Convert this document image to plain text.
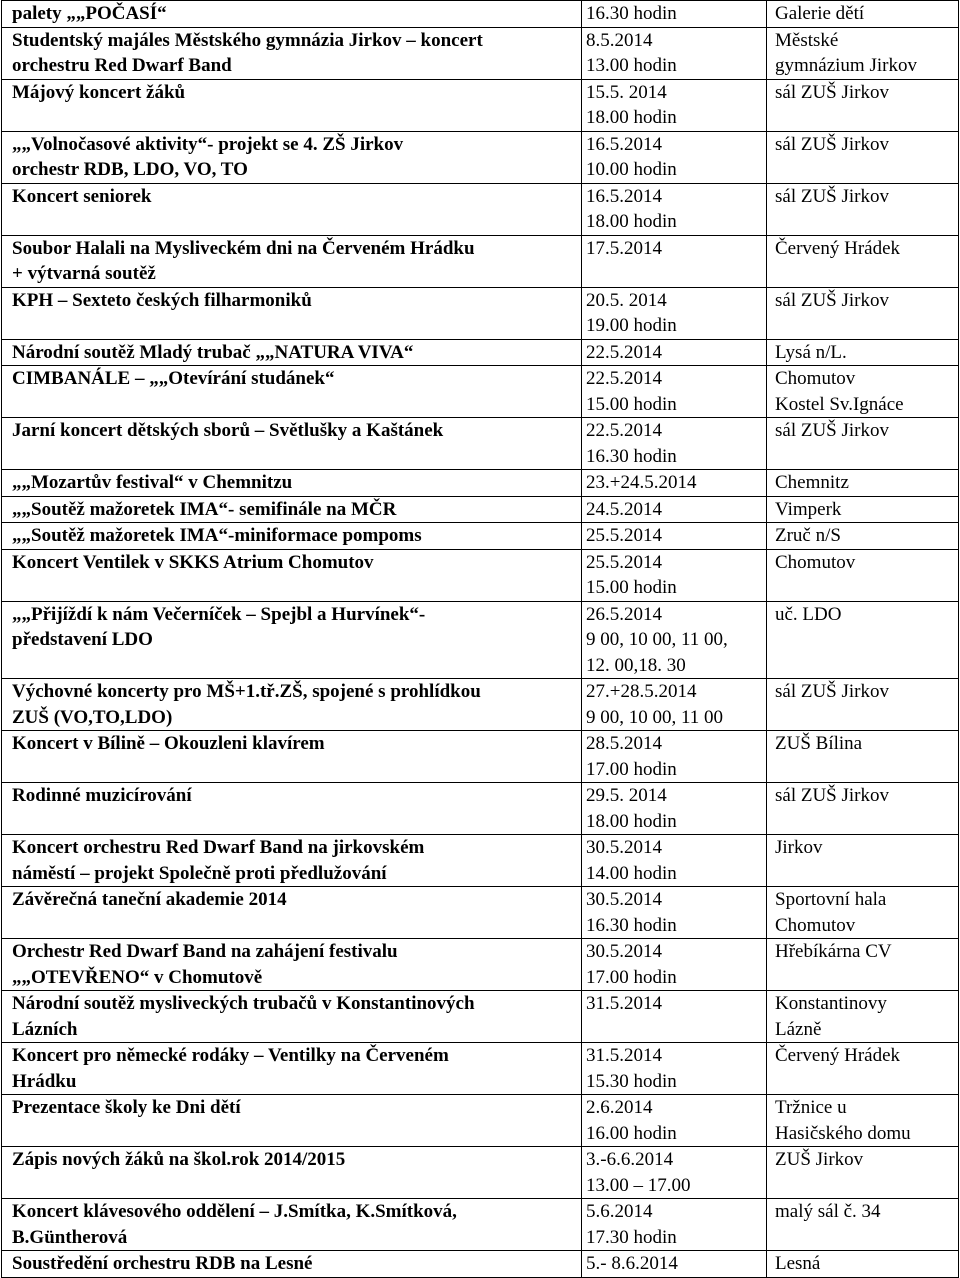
palety „„POČASÍ“	16.30 hodin	Galerie dětí

Studentský majáles Městského gymnázia Jirkov – koncert
orchestru Red Dwarf Band	8.5.2014
13.00 hodin	Městské
gymnázium Jirkov

Májový koncert žáků	15.5. 2014
18.00 hodin	sál ZUŠ Jirkov

„„Volnočasové aktivity“- projekt se 4. ZŠ Jirkov
orchestr RDB, LDO, VO, TO	16.5.2014
10.00 hodin	sál ZUŠ Jirkov

Koncert seniorek	16.5.2014
18.00 hodin	sál ZUŠ Jirkov

Soubor Halali na Mysliveckém dni na Červeném Hrádku
+ výtvarná soutěž	17.5.2014	Červený Hrádek

KPH – Sexteto českých filharmoniků	20.5. 2014
19.00 hodin	sál ZUŠ Jirkov

Národní soutěž Mladý trubač „„NATURA VIVA“	22.5.2014	Lysá n/L.

CIMBANÁLE – „„Otevírání studánek“	22.5.2014
15.00 hodin	Chomutov
Kostel Sv.Ignáce

Jarní koncert dětských sborů – Světlušky a Kaštánek	22.5.2014
16.30 hodin	sál ZUŠ Jirkov

„„Mozartův festival“ v Chemnitzu	23.+24.5.2014	Chemnitz

„„Soutěž mažoretek IMA“- semifinále na MČR	24.5.2014	Vimperk

„„Soutěž mažoretek IMA“-miniformace pompoms	25.5.2014	Zruč n/S

Koncert Ventilek v SKKS Atrium Chomutov	25.5.2014
15.00 hodin	Chomutov

„„Přijíždí k nám Večerníček – Spejbl a Hurvínek“-
představení LDO	26.5.2014
9 00, 10 00, 11 00,
12. 00,18. 30	uč. LDO

Výchovné koncerty pro MŠ+1.tř.ZŠ, spojené s prohlídkou
ZUŠ (VO,TO,LDO)	27.+28.5.2014
9 00, 10 00, 11 00	sál ZUŠ Jirkov

Koncert v Bílině – Okouzleni klavírem	28.5.2014
17.00 hodin	ZUŠ Bílina

Rodinné muzicírování	29.5. 2014
18.00 hodin	sál ZUŠ Jirkov

Koncert orchestru Red Dwarf Band na jirkovském
náměstí – projekt Společně proti předlužování	30.5.2014
14.00 hodin	Jirkov

Závěrečná taneční akademie 2014	30.5.2014
16.30 hodin	Sportovní hala
Chomutov

Orchestr Red Dwarf Band na zahájení festivalu
„„OTEVŘENO“ v Chomutově	30.5.2014
17.00 hodin	Hřebíkárna CV

Národní soutěž mysliveckých trubačů v Konstantinových
Lázních	31.5.2014	Konstantinovy
Lázně

Koncert pro německé rodáky – Ventilky na Červeném
Hrádku	31.5.2014
15.30 hodin	Červený Hrádek

Prezentace školy ke Dni dětí	2.6.2014
16.00 hodin	Tržnice u
Hasičského domu

Zápis nových žáků na škol.rok 2014/2015	3.-6.6.2014
13.00 – 17.00	ZUŠ Jirkov

Koncert klávesového oddělení – J.Smítka, K.Smítková,
B.Güntherová	5.6.2014
17.30 hodin	malý sál č. 34

Soustředění orchestru RDB na Lesné	5.- 8.6.2014	Lesná
